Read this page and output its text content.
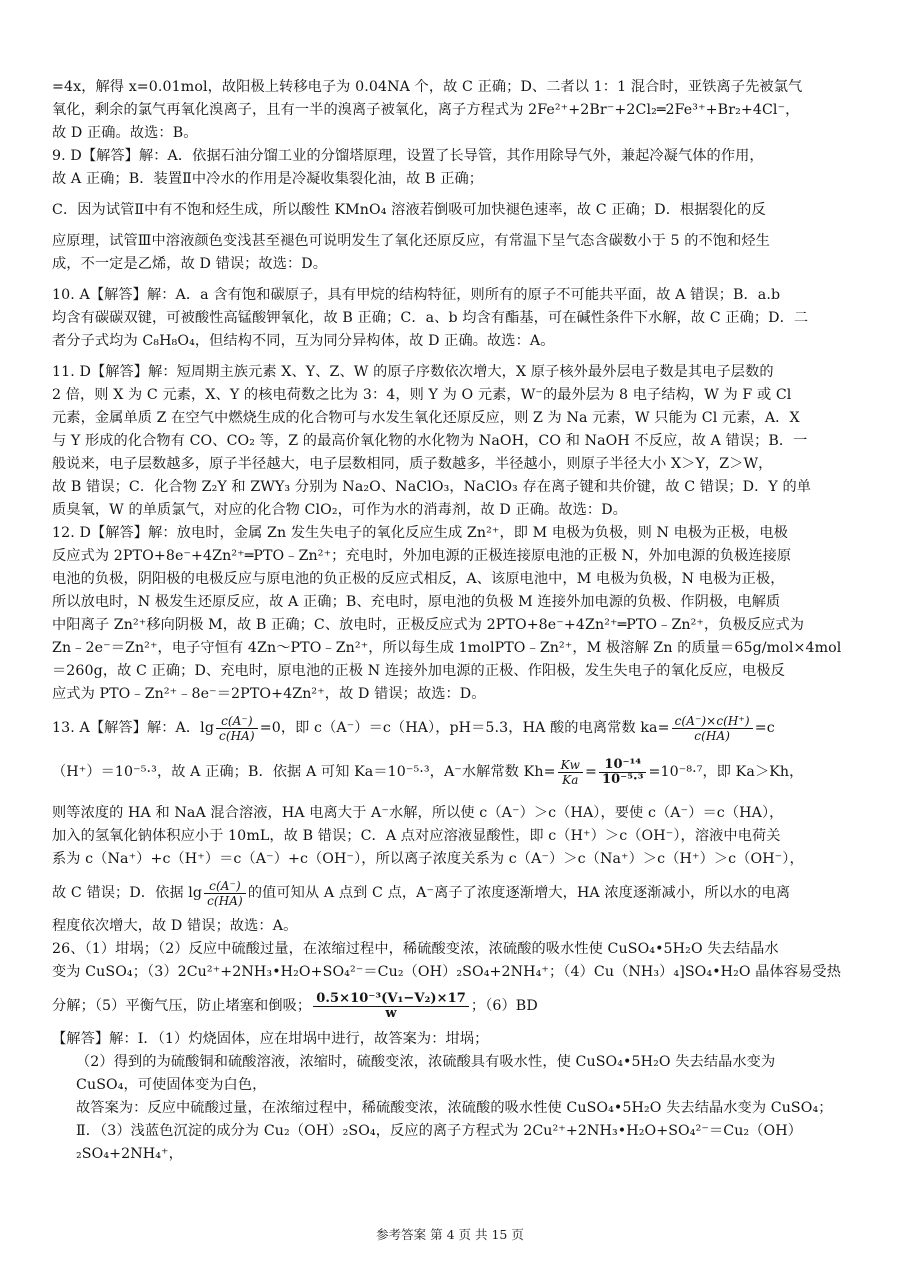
=4x，解得 x=0.01mol，故阳极上转移电子为 0.04NA 个，故 C 正确；D、二者以 1：1 混合时，亚铁离子先被氯气
氧化，剩余的氯气再氧化溴离子，且有一半的溴离子被氧化，离子方程式为 2Fe²⁺+2Br⁻+2Cl₂═2Fe³⁺+Br₂+4Cl⁻，
故 D 正确。故选：B。
9. D【解答】解：A．依据石油分馏工业的分馏塔原理，设置了长导管，其作用除导气外，兼起冷凝气体的作用，
故 A 正确；B．装置Ⅱ中冷水的作用是冷凝收集裂化油，故 B 正确；
C．因为试管Ⅱ中有不饱和烃生成，所以酸性 KMnO₄ 溶液若倒吸可加快褪色速率，故 C 正确；D．根据裂化的反
应原理，试管Ⅲ中溶液颜色变浅甚至褪色可说明发生了氧化还原反应，有常温下呈气态含碳数小于 5 的不饱和烃生
成，不一定是乙烯，故 D 错误；故选：D。
10. A【解答】解：A．a 含有饱和碳原子，具有甲烷的结构特征，则所有的原子不可能共平面，故 A 错误；B．a.b
均含有碳碳双键，可被酸性高锰酸钾氧化，故 B 正确；C．a、b 均含有酯基，可在碱性条件下水解，故 C 正确；D．二
者分子式均为 C₈H₈O₄，但结构不同，互为同分异构体，故 D 正确。故选：A。
11. D【解答】解：短周期主族元素 X、Y、Z、W 的原子序数依次增大，X 原子核外最外层电子数是其电子层数的
2 倍，则 X 为 C 元素，X、Y 的核电荷数之比为 3：4，则 Y 为 O 元素，W⁻的最外层为 8 电子结构，W 为 F 或 Cl
元素，金属单质 Z 在空气中燃烧生成的化合物可与水发生氧化还原反应，则 Z 为 Na 元素，W 只能为 Cl 元素，A．X
与 Y 形成的化合物有 CO、CO₂ 等，Z 的最高价氧化物的水化物为 NaOH，CO 和 NaOH 不反应，故 A 错误；B．一
般说来，电子层数越多，原子半径越大，电子层数相同，质子数越多，半径越小，则原子半径大小 X＞Y，Z＞W，
故 B 错误；C．化合物 Z₂Y 和 ZWY₃ 分别为 Na₂O、NaClO₃，NaClO₃ 存在离子键和共价键，故 C 错误；D．Y 的单
质臭氧，W 的单质氯气，对应的化合物 ClO₂，可作为水的消毒剂，故 D 正确。故选：D。
12. D【解答】解：放电时，金属 Zn 发生失电子的氧化反应生成 Zn²⁺，即 M 电极为负极，则 N 电极为正极，电极
反应式为 2PTO+8e⁻+4Zn²⁺═PTO﹣Zn²⁺；充电时，外加电源的正极连接原电池的正极 N，外加电源的负极连接原
电池的负极，阴阳极的电极反应与原电池的负正极的反应式相反，A、该原电池中，M 电极为负极，N 电极为正极，
所以放电时，N 极发生还原反应，故 A 正确；B、充电时，原电池的负极 M 连接外加电源的负极、作阴极，电解质
中阳离子 Zn²⁺移向阴极 M，故 B 正确；C、放电时，正极反应式为 2PTO+8e⁻+4Zn²⁺═PTO﹣Zn²⁺，负极反应式为
Zn﹣2e⁻＝Zn²⁺，电子守恒有 4Zn～PTO﹣Zn²⁺，所以每生成 1molPTO﹣Zn²⁺，M 极溶解 Zn 的质量＝65g/mol×4mol
＝260g，故 C 正确；D、充电时，原电池的正极 N 连接外加电源的正极、作阳极，发生失电子的氧化反应，电极反
应式为 PTO﹣Zn²⁺﹣8e⁻＝2PTO+4Zn²⁺，故 D 错误；故选：D。
13. A【解答】解：A．$\lg \frac{c(A^-)}{c(HA)} =0$，即 c（A⁻）＝c（HA），pH＝5.3，HA 酸的电离常数 $ka= \frac{c(A^-)\times c(H^+)}{c(HA)} =c$
（H⁺）＝10⁻⁵·³，故 A 正确；B．依据 A 可知 Ka＝10⁻⁵·³，A⁻水解常数 $Kh= \frac{Kw}{Ka} = \frac{\text{10⁻¹⁴}}{\text{10⁻⁵·³}} =10^{-8}\cdot^7$，即 Ka＞Kh，
则等浓度的 HA 和 NaA 混合溶液，HA 电离大于 A⁻水解，所以使 c（A⁻）＞c（HA），要使 c（A⁻）＝c（HA），
加入的氢氧化钠体积应小于 10mL，故 B 错误；C．A 点对应溶液显酸性，即 c（H⁺）＞c（OH⁻），溶液中电荷关
系为 c（Na⁺）+c（H⁺）＝c（A⁻）+c（OH⁻），所以离子浓度关系为 c（A⁻）＞c（Na⁺）＞c（H⁺）＞c（OH⁻），
故 C 错误；D．依据 $\lg \frac{c(A^-)}{c(HA)}$ 的值可知从 A 点到 C 点，A⁻离子了浓度逐渐增大，HA 浓度逐渐减小，所以水的电离
程度依次增大，故 D 错误；故选：A。
26、（1）坩埚；（2）反应中硫酸过量，在浓缩过程中，稀硫酸变浓，浓硫酸的吸水性使 CuSO₄•5H₂O 失去结晶水
变为 CuSO₄；（3）2Cu²⁺+2NH₃•H₂O+SO₄²⁻＝Cu₂（OH）₂SO₄+2NH₄⁺；（4）Cu（NH₃）₄]SO₄•H₂O 晶体容易受热
分解；（5）平衡气压，防止堵塞和倒吸； $\frac{\text{0.5×10⁻³(V₁−V₂)×17}}{w}$ ；（6）BD
【解答】解：Ⅰ．（1）灼烧固体，应在坩埚中进行，故答案为：坩埚；
（2）得到的为硫酸铜和硫酸溶液，浓缩时，硫酸变浓，浓硫酸具有吸水性，使 CuSO₄•5H₂O 失去结晶水变为
CuSO₄，可使固体变为白色，
故答案为：反应中硫酸过量，在浓缩过程中，稀硫酸变浓，浓硫酸的吸水性使 CuSO₄•5H₂O 失去结晶水变为 CuSO₄；
Ⅱ．（3）浅蓝色沉淀的成分为 Cu₂（OH）₂SO₄，反应的离子方程式为 2Cu²⁺+2NH₃•H₂O+SO₄²⁻＝Cu₂（OH）
₂SO₄+2NH₄⁺，
参考答案 第 4 页 共 15 页
